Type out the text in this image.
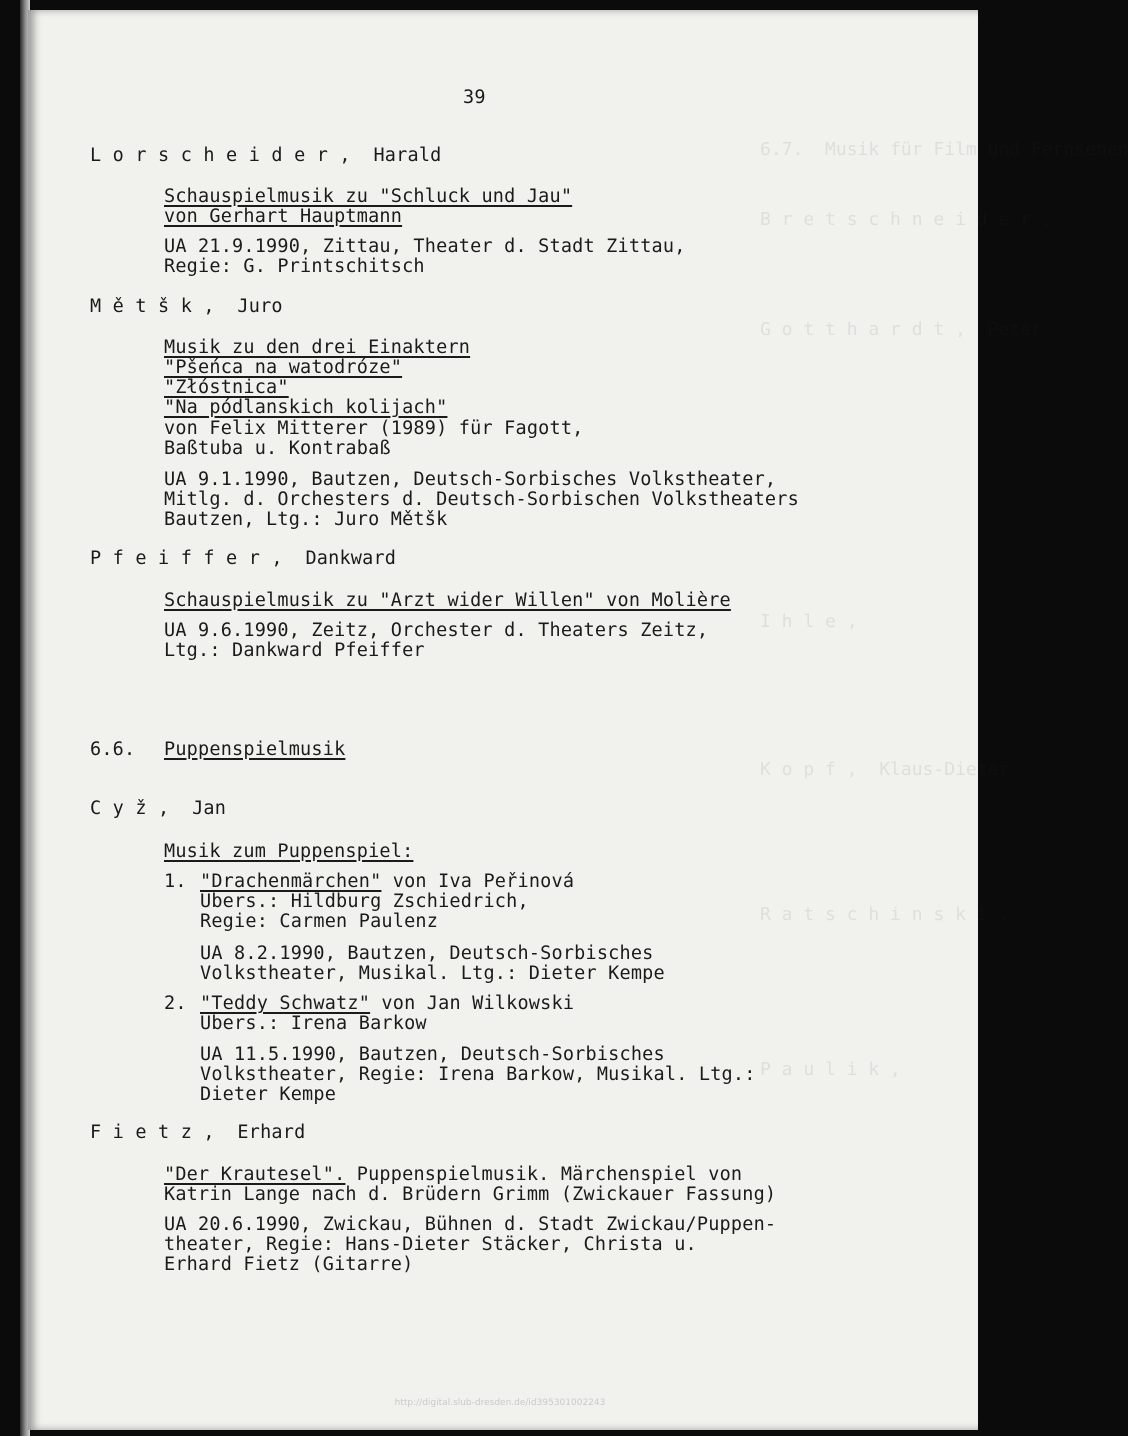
6.7.  Musik für Film und Fernsehen
B r e t s c h n e i d e r ,
G o t t h a r d t ,  Peter
I h l e ,
K o p f ,  Klaus-Dieter
R a t s c h i n s k i ,
P a u l i k ,
39
L o r s c h e i d e r , Harald
Schauspielmusik zu "Schluck und Jau"
von Gerhart Hauptmann
UA 21.9.1990, Zittau, Theater d. Stadt Zittau,
Regie: G. Printschitsch
M ě t š k , Juro
Musik zu den drei Einaktern
"Pšeńca na watodróze"
"Złóstnica"
"Na pódlanskich kolijach"
von Felix Mitterer (1989) für Fagott,
Baßtuba u. Kontrabaß
UA 9.1.1990, Bautzen, Deutsch-Sorbisches Volkstheater,
Mitlg. d. Orchesters d. Deutsch-Sorbischen Volkstheaters
Bautzen, Ltg.: Juro Mětšk
P f e i f f e r , Dankward
Schauspielmusik zu "Arzt wider Willen" von Molière
UA 9.6.1990, Zeitz, Orchester d. Theaters Zeitz,
Ltg.: Dankward Pfeiffer
6.6. Puppenspielmusik
C y ž , Jan
Musik zum Puppenspiel:
1. "Drachenmärchen" von Iva Peřinová
Übers.: Hildburg Zschiedrich,
Regie: Carmen Paulenz
UA 8.2.1990, Bautzen, Deutsch-Sorbisches
Volkstheater, Musikal. Ltg.: Dieter Kempe
2. "Teddy Schwatz" von Jan Wilkowski
Übers.: Irena Barkow
UA 11.5.1990, Bautzen, Deutsch-Sorbisches
Volkstheater, Regie: Irena Barkow, Musikal. Ltg.:
Dieter Kempe
F i e t z , Erhard
"Der Krautesel". Puppenspielmusik. Märchenspiel von
Katrin Lange nach d. Brüdern Grimm (Zwickauer Fassung)
UA 20.6.1990, Zwickau, Bühnen d. Stadt Zwickau/Puppen-
theater, Regie: Hans-Dieter Stäcker, Christa u.
Erhard Fietz (Gitarre)
http://digital.slub-dresden.de/id395301002243
